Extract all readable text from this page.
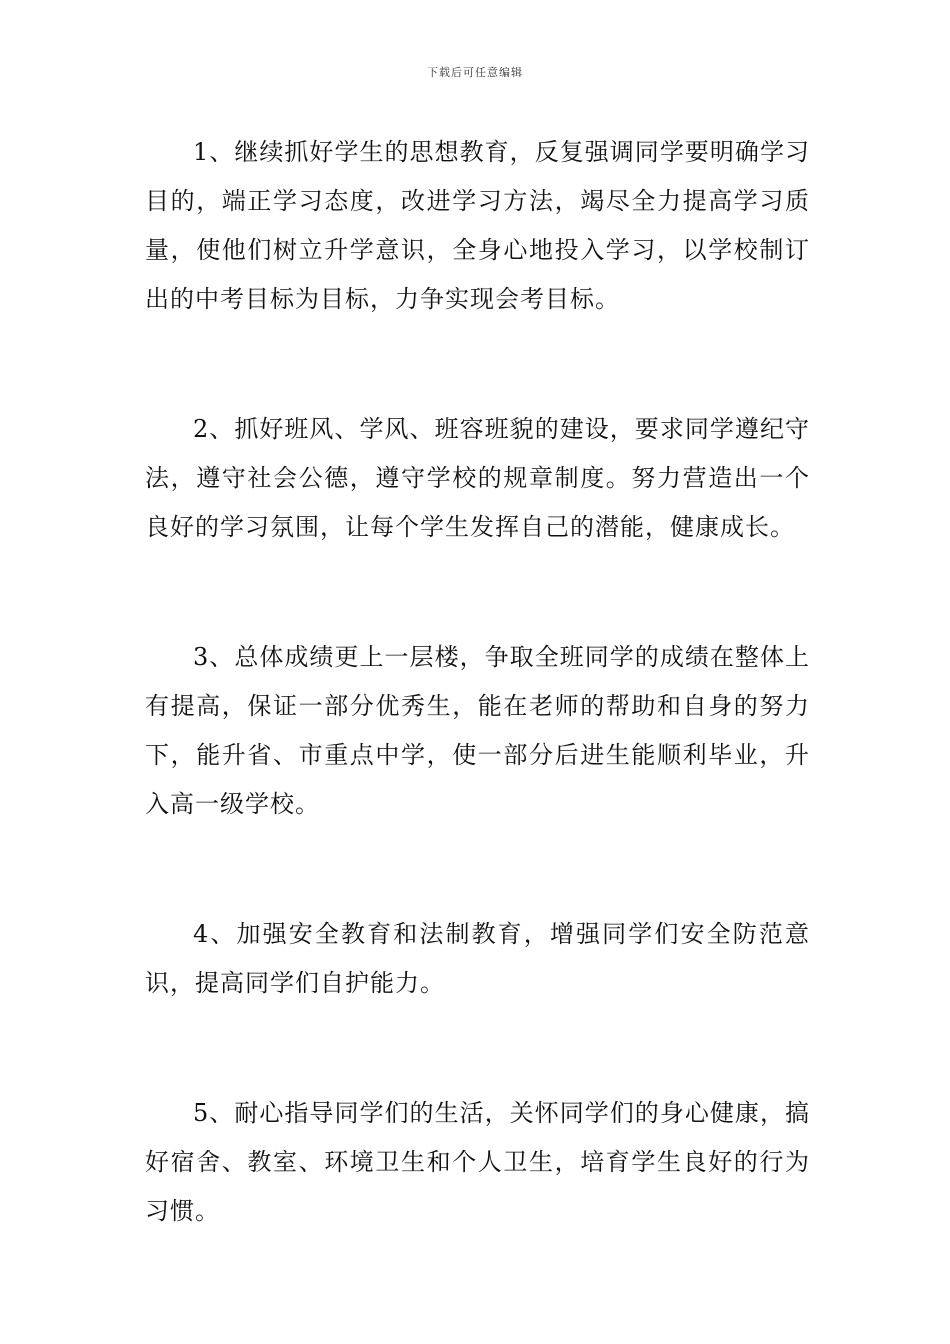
下载后可任意编辑

1、继续抓好学生的思想教育，反复强调同学要明确学习目的，端正学习态度，改进学习方法，竭尽全力提高学习质量，使他们树立升学意识，全身心地投入学习，以学校制订出的中考目标为目标，力争实现会考目标。

2、抓好班风、学风、班容班貌的建设，要求同学遵纪守法，遵守社会公德，遵守学校的规章制度。努力营造出一个良好的学习氛围，让每个学生发挥自己的潜能，健康成长。

3、总体成绩更上一层楼，争取全班同学的成绩在整体上有提高，保证一部分优秀生，能在老师的帮助和自身的努力下，能升省、市重点中学，使一部分后进生能顺利毕业，升入高一级学校。

4、加强安全教育和法制教育，增强同学们安全防范意识，提高同学们自护能力。

5、耐心指导同学们的生活，关怀同学们的身心健康，搞好宿舍、教室、环境卫生和个人卫生，培育学生良好的行为习惯。
